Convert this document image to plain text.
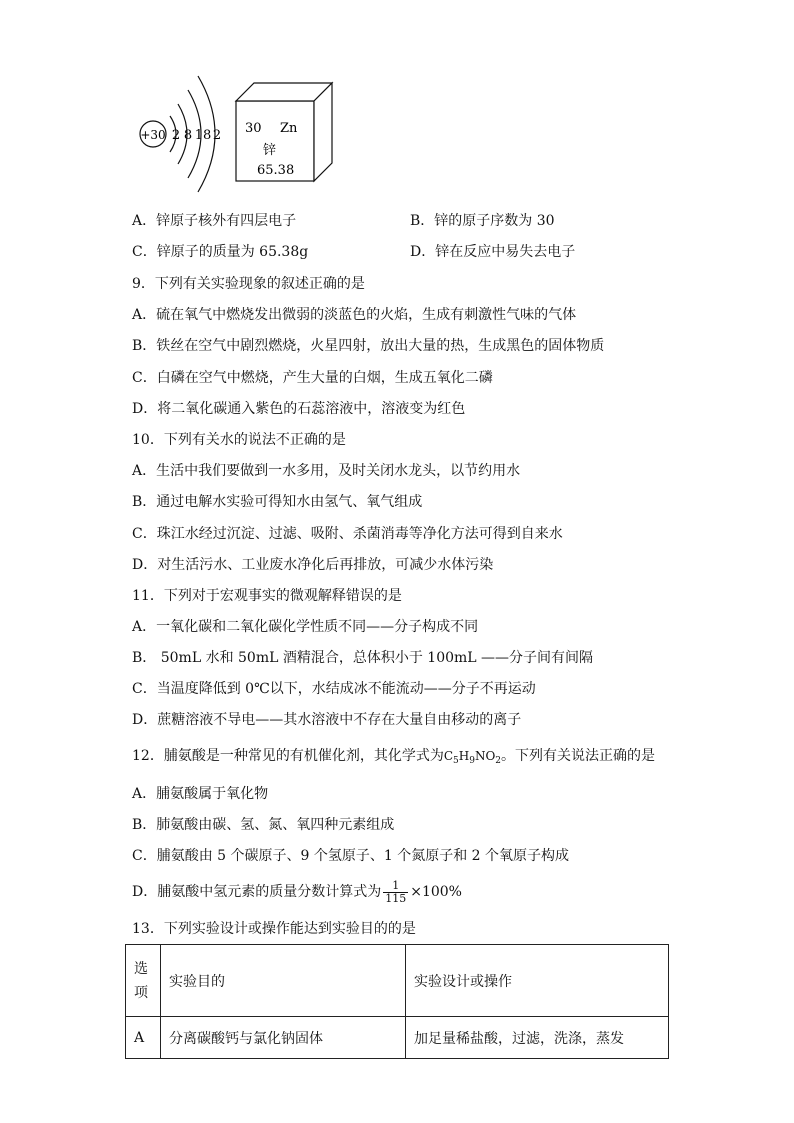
+30 2 8 18 2 30 Zn
锌
65.38
A．锌原子核外有四层电子	B．锌的原子序数为 30
C．锌原子的质量为 65.38g	D．锌在反应中易失去电子
9．下列有关实验现象的叙述正确的是
A．硫在氧气中燃烧发出微弱的淡蓝色的火焰，生成有刺激性气味的气体
B．铁丝在空气中剧烈燃烧，火星四射，放出大量的热，生成黑色的固体物质
C．白磷在空气中燃烧，产生大量的白烟，生成五氧化二磷
D．将二氧化碳通入紫色的石蕊溶液中，溶液变为红色
10．下列有关水的说法不正确的是
A．生活中我们要做到一水多用，及时关闭水龙头，以节约用水
B．通过电解水实验可得知水由氢气、氧气组成
C．珠江水经过沉淀、过滤、吸附、杀菌消毒等净化方法可得到自来水
D．对生活污水、工业废水净化后再排放，可减少水体污染
11．下列对于宏观事实的微观解释错误的是
A．一氧化碳和二氧化碳化学性质不同——分子构成不同
B． 50mL 水和 50mL 酒精混合，总体积小于 100mL ——分子间有间隔
C．当温度降低到 0℃以下，水结成冰不能流动——分子不再运动
D．蔗糖溶液不导电——其水溶液中不存在大量自由移动的离子
12．脯氨酸是一种常见的有机催化剂，其化学式为$C_5H_9NO_2$。下列有关说法正确的是
A．脯氨酸属于氧化物
B．肺氨酸由碳、氢、氮、氧四种元素组成
C．脯氨酸由 5 个碳原子、9 个氢原子、1 个氮原子和 2 个氧原子构成
D．脯氨酸中氢元素的质量分数计算式为 $\frac{1}{115} \times 100\%$
13．下列实验设计或操作能达到实验目的的是
选
项	实验目的	实验设计或操作
A	分离碳酸钙与氯化钠固体	加足量稀盐酸，过滤，洗涤，蒸发
